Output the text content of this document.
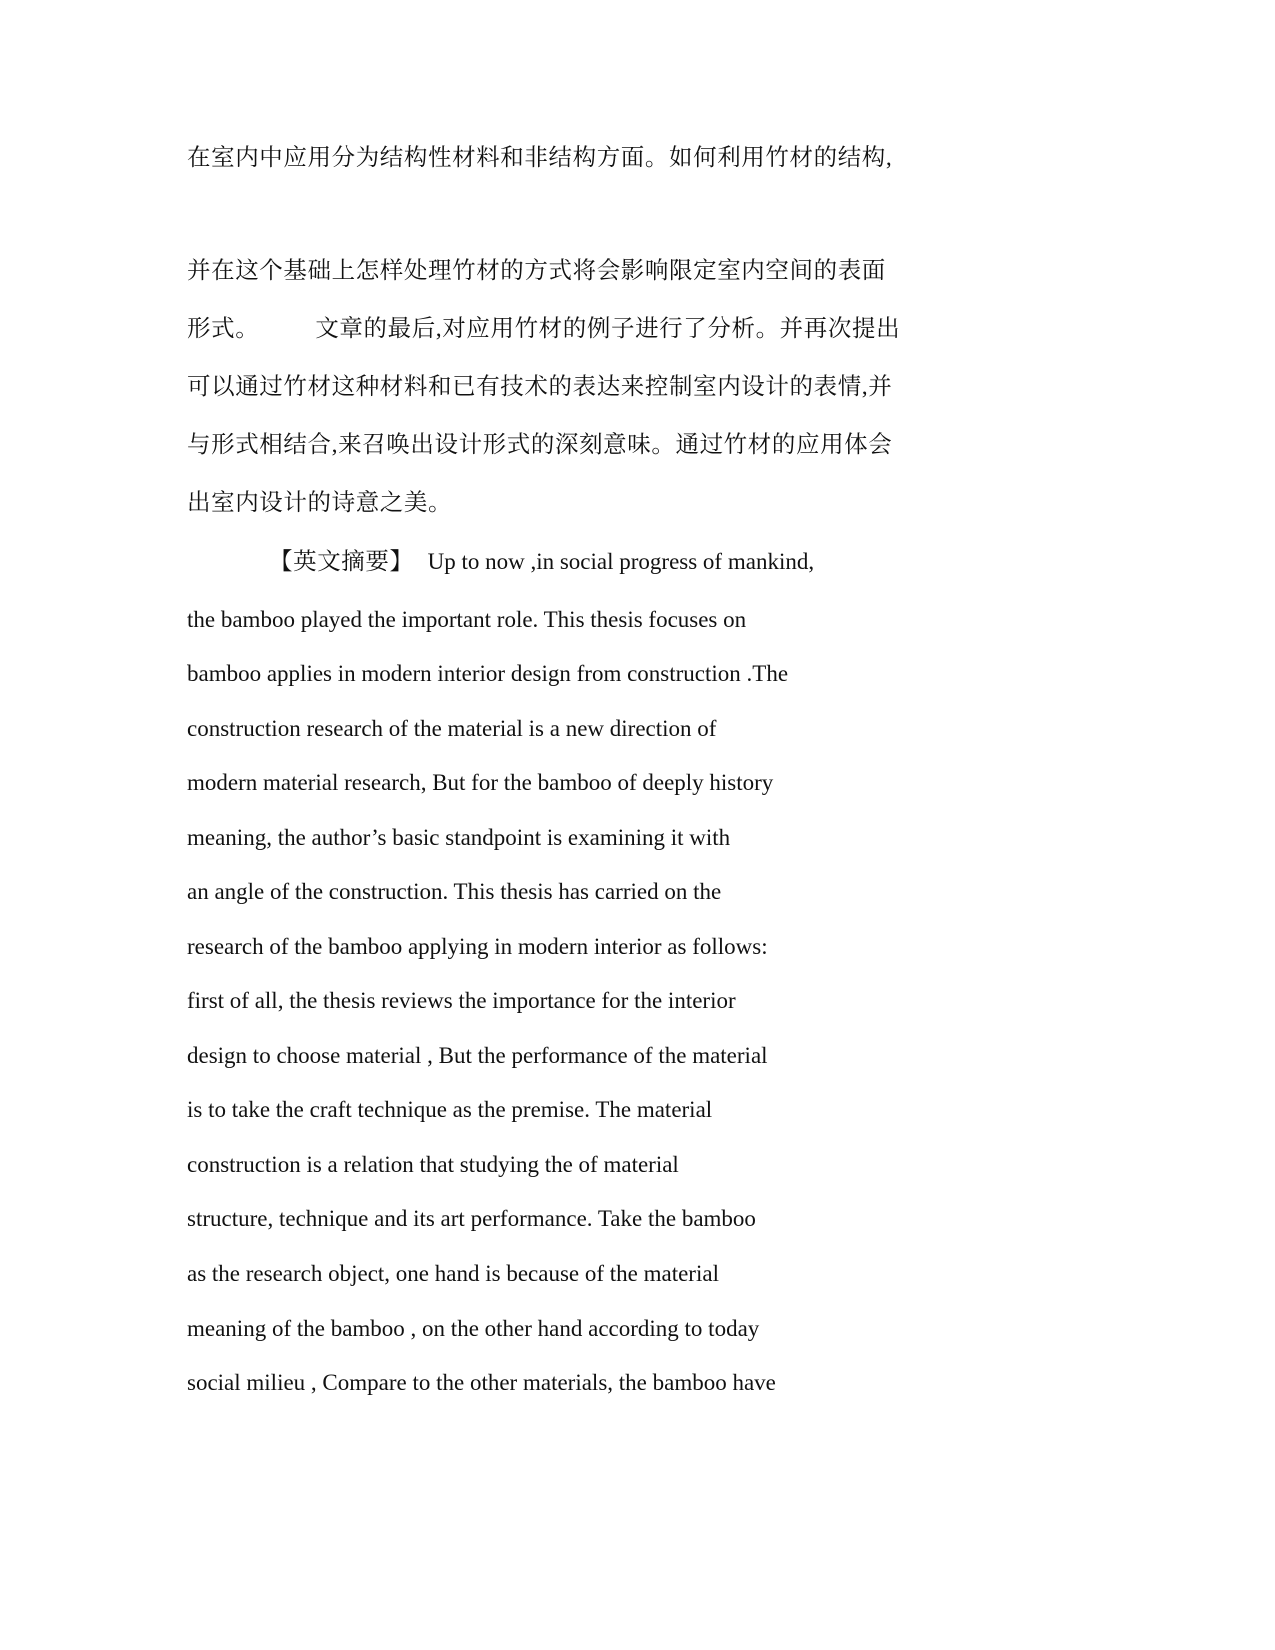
在室内中应用分为结构性材料和非结构方面。如何利用竹材的结构,
并在这个基础上怎样处理竹材的方式将会影响限定室内空间的表面
形式。 文章的最后,对应用竹材的例子进行了分析。并再次提出
可以通过竹材这种材料和已有技术的表达来控制室内设计的表情,并
与形式相结合,来召唤出设计形式的深刻意味。通过竹材的应用体会
出室内设计的诗意之美。
【英文摘要】 Up to now ,in social progress of mankind,
the bamboo played the important role. This thesis focuses on
bamboo applies in modern interior design from construction .The
construction research of the material is a new direction of
modern material research, But for the bamboo of deeply history
meaning, the author’s basic standpoint is examining it with
an angle of the construction. This thesis has carried on the
research of the bamboo applying in modern interior as follows:
first of all, the thesis reviews the importance for the interior
design to choose material , But the performance of the material
is to take the craft technique as the premise. The material
construction is a relation that studying the of material
structure, technique and its art performance. Take the bamboo
as the research object, one hand is because of the material
meaning of the bamboo , on the other hand according to today
social milieu , Compare to the other materials, the bamboo have
